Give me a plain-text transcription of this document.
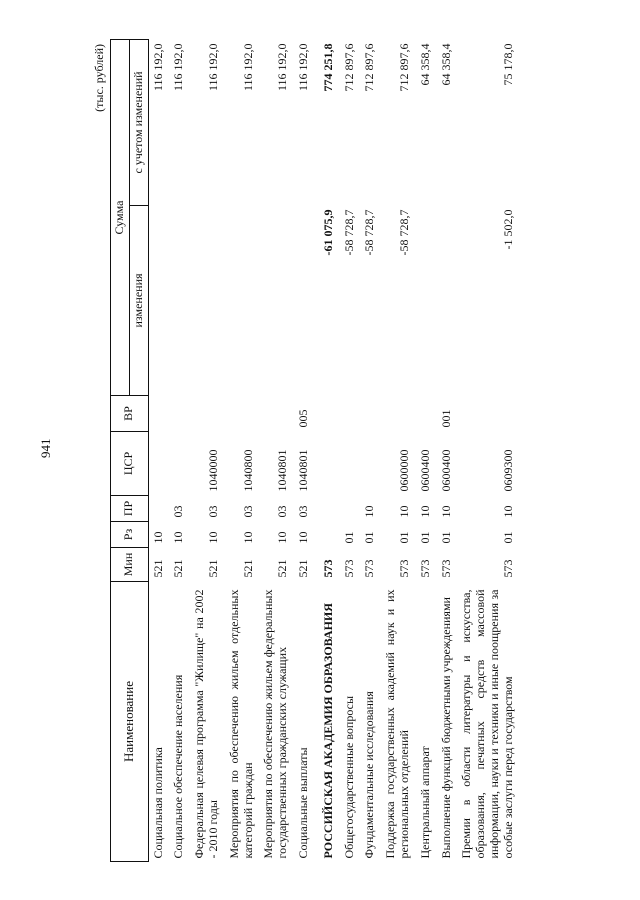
941
(тыс. рублей)
Наименование	Мин	Рз	ПР	ЦСР	ВР	Сумма	
						изменения	с учетом изменений
Социальная политика	521	10					116 192,0
Социальное обеспечение населения	521	10	03				116 192,0
Федеральная целевая программа "Жилище" на 2002 - 2010 годы	521	10	03	1040000			116 192,0
Мероприятия по обеспечению жильем отдельных категорий граждан	521	10	03	1040800			116 192,0
Мероприятия по обеспечению жильем федеральных государственных гражданских служащих	521	10	03	1040801			116 192,0
Социальные выплаты	521	10	03	1040801	005		116 192,0
РОССИЙСКАЯ АКАДЕМИЯ ОБРАЗОВАНИЯ	573					-61 075,9	774 251,8
Общегосударственные вопросы	573	01				-58 728,7	712 897,6
Фундаментальные исследования	573	01	10			-58 728,7	712 897,6
Поддержка государственных академий наук и их региональных отделений	573	01	10	0600000		-58 728,7	712 897,6
Центральный аппарат	573	01	10	0600400			64 358,4
Выполнение функций бюджетными учреждениями	573	01	10	0600400	001		64 358,4
Премии в области литературы и искусства, образования, печатных средств массовой информации, науки и техники и иные поощрения за особые заслуги перед государством	573	01	10	0609300		-1 502,0	75 178,0
